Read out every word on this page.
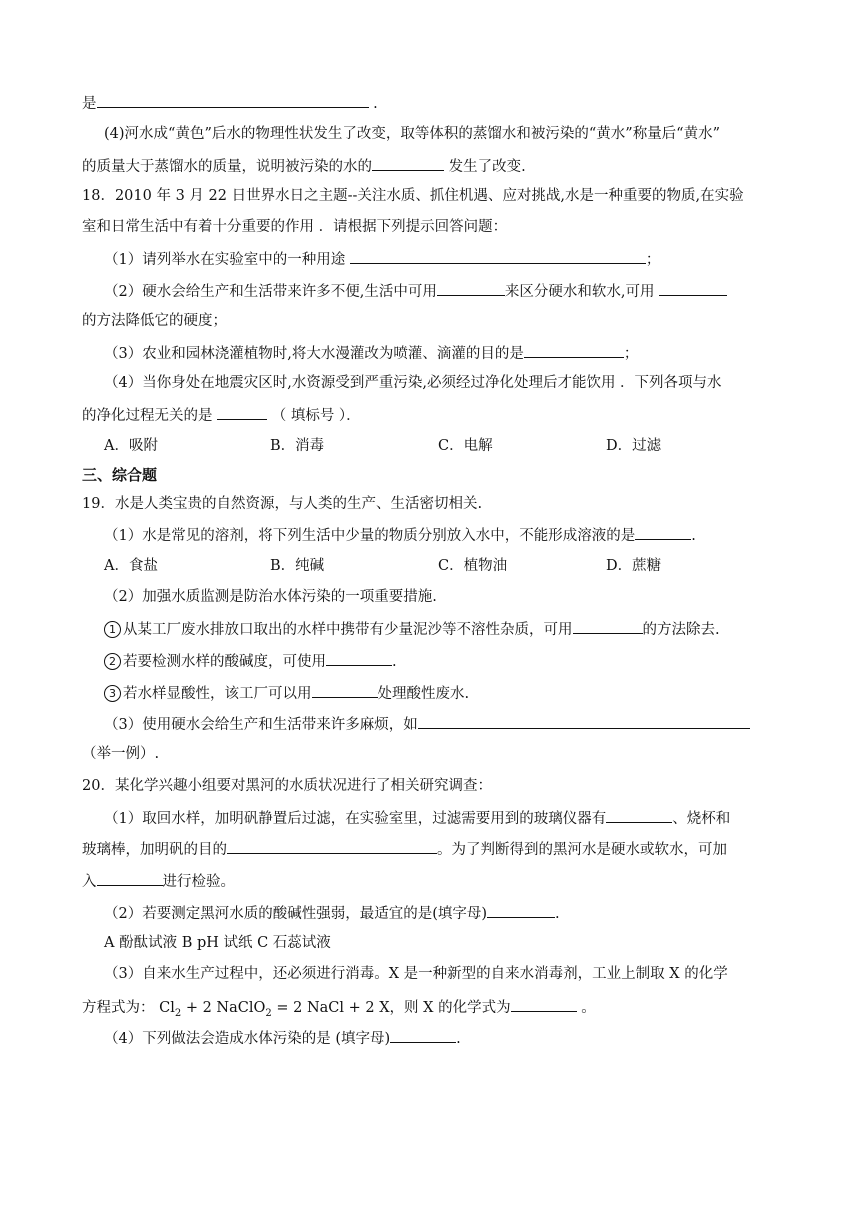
是	.
(4)河水成“黄色”后水的物理性状发生了改变，取等体积的蒸馏水和被污染的“黄水”称量后“黄水”
的质量大于蒸馏水的质量，说明被污染的水的	发生了改变.
18．2010 年 3 月 22 日世界水日之主题--关注水质、抓住机遇、应对挑战,水是一种重要的物质,在实验
室和日常生活中有着十分重要的作用 ．请根据下列提示回答问题：
（1）请列举水在实验室中的一种用途	；
（2）硬水会给生产和生活带来许多不便,生活中可用	来区分硬水和软水,可用
的方法降低它的硬度；
（3）农业和园林浇灌植物时,将大水漫灌改为喷灌、滴灌的目的是	；
（4）当你身处在地震灾区时,水资源受到严重污染,必须经过净化处理后才能饮用 ．下列各项与水
的净化过程无关的是	（ 填标号 ）．
A．吸附	B．消毒	C．电解	D．过滤
三、综合题
19．水是人类宝贵的自然资源，与人类的生产、生活密切相关.
（1）水是常见的溶剂，将下列生活中少量的物质分别放入水中，不能形成溶液的是	.
A．食盐	B．纯碱	C．植物油	D．蔗糖
（2）加强水质监测是防治水体污染的一项重要措施.
1 从某工厂废水排放口取出的水样中携带有少量泥沙等不溶性杂质，可用	的方法除去.
2 若要检测水样的酸碱度，可使用	.
3 若水样显酸性，该工厂可以用	处理酸性废水.
（3）使用硬水会给生产和生活带来许多麻烦，如
（举一例）.
20．某化学兴趣小组要对黑河的水质状况进行了相关研究调查：
（1）取回水样，加明矾静置后过滤，在实验室里，过滤需要用到的玻璃仪器有	、烧杯和
玻璃棒，加明矾的目的	。为了判断得到的黑河水是硬水或软水，可加
入	进行检验。
（2）若要测定黑河水质的酸碱性强弱，最适宜的是(填字母)	.
A 酚酞试液 B pH 试纸 C 石蕊试液
（3）自来水生产过程中，还必须进行消毒。X 是一种新型的自来水消毒剂，工业上制取 X 的化学
方程式为： $Cl_2 + 2$ NaClO$_2$ = 2 NaCl + 2 X，则 X 的化学式为	。
（4）下列做法会造成水体污染的是 (填字母)	.
